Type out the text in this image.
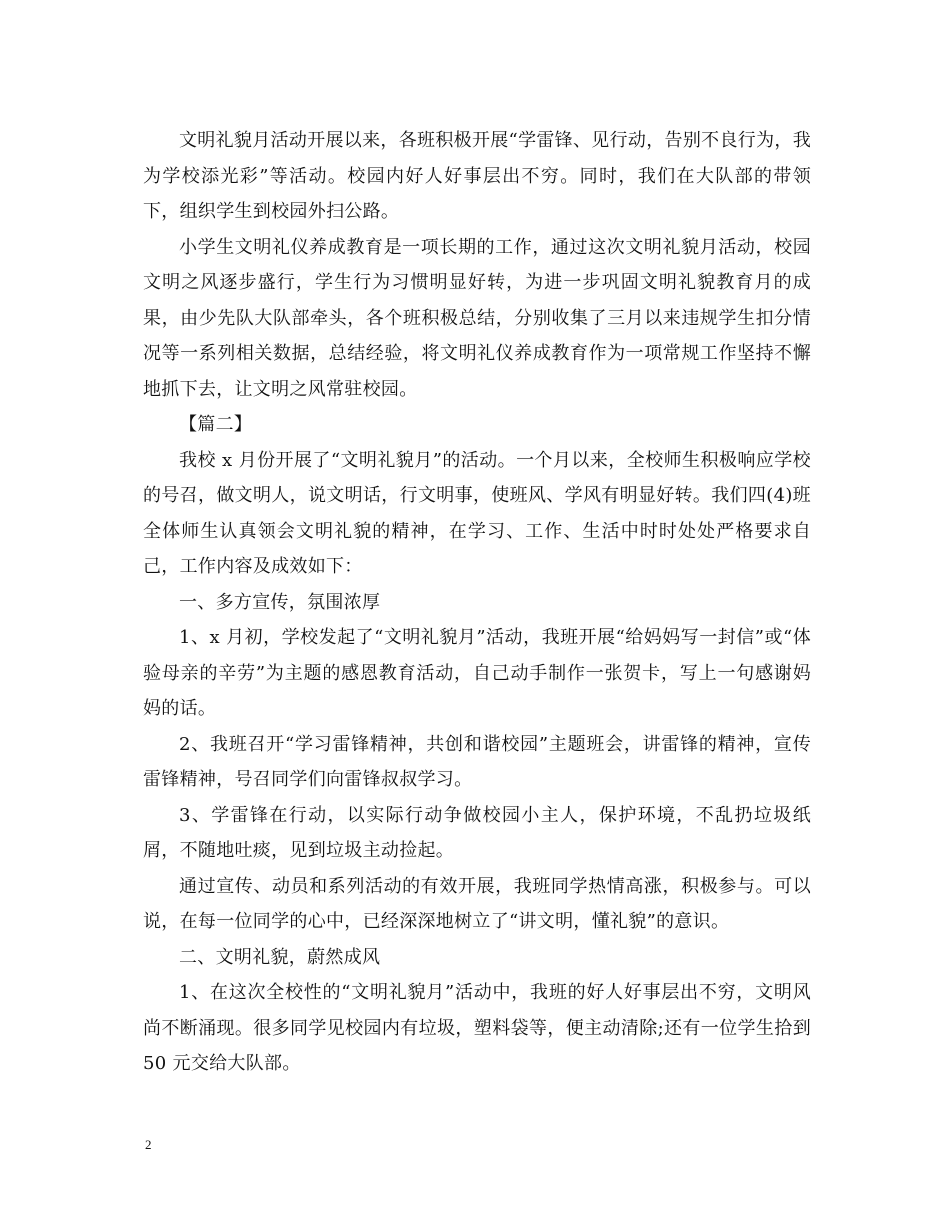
文明礼貌月活动开展以来，各班积极开展“学雷锋、见行动，告别不良行为，我为学校添光彩”等活动。校园内好人好事层出不穷。同时，我们在大队部的带领下，组织学生到校园外扫公路。

小学生文明礼仪养成教育是一项长期的工作，通过这次文明礼貌月活动，校园文明之风逐步盛行，学生行为习惯明显好转，为进一步巩固文明礼貌教育月的成果，由少先队大队部牵头，各个班积极总结，分别收集了三月以来违规学生扣分情况等一系列相关数据，总结经验，将文明礼仪养成教育作为一项常规工作坚持不懈地抓下去，让文明之风常驻校园。

【篇二】

我校 x 月份开展了“文明礼貌月”的活动。一个月以来，全校师生积极响应学校的号召，做文明人，说文明话，行文明事，使班风、学风有明显好转。我们四(4)班全体师生认真领会文明礼貌的精神，在学习、工作、生活中时时处处严格要求自己，工作内容及成效如下：

一、多方宣传，氛围浓厚

1、x 月初，学校发起了“文明礼貌月”活动，我班开展“给妈妈写一封信”或“体验母亲的辛劳”为主题的感恩教育活动，自己动手制作一张贺卡，写上一句感谢妈妈的话。

2、我班召开“学习雷锋精神，共创和谐校园”主题班会，讲雷锋的精神，宣传雷锋精神，号召同学们向雷锋叔叔学习。

3、学雷锋在行动，以实际行动争做校园小主人，保护环境，不乱扔垃圾纸屑，不随地吐痰，见到垃圾主动捡起。

通过宣传、动员和系列活动的有效开展，我班同学热情高涨，积极参与。可以说，在每一位同学的心中，已经深深地树立了“讲文明，懂礼貌”的意识。

二、文明礼貌，蔚然成风

1、在这次全校性的“文明礼貌月”活动中，我班的好人好事层出不穷，文明风尚不断涌现。很多同学见校园内有垃圾，塑料袋等，便主动清除;还有一位学生拾到 50 元交给大队部。

2
